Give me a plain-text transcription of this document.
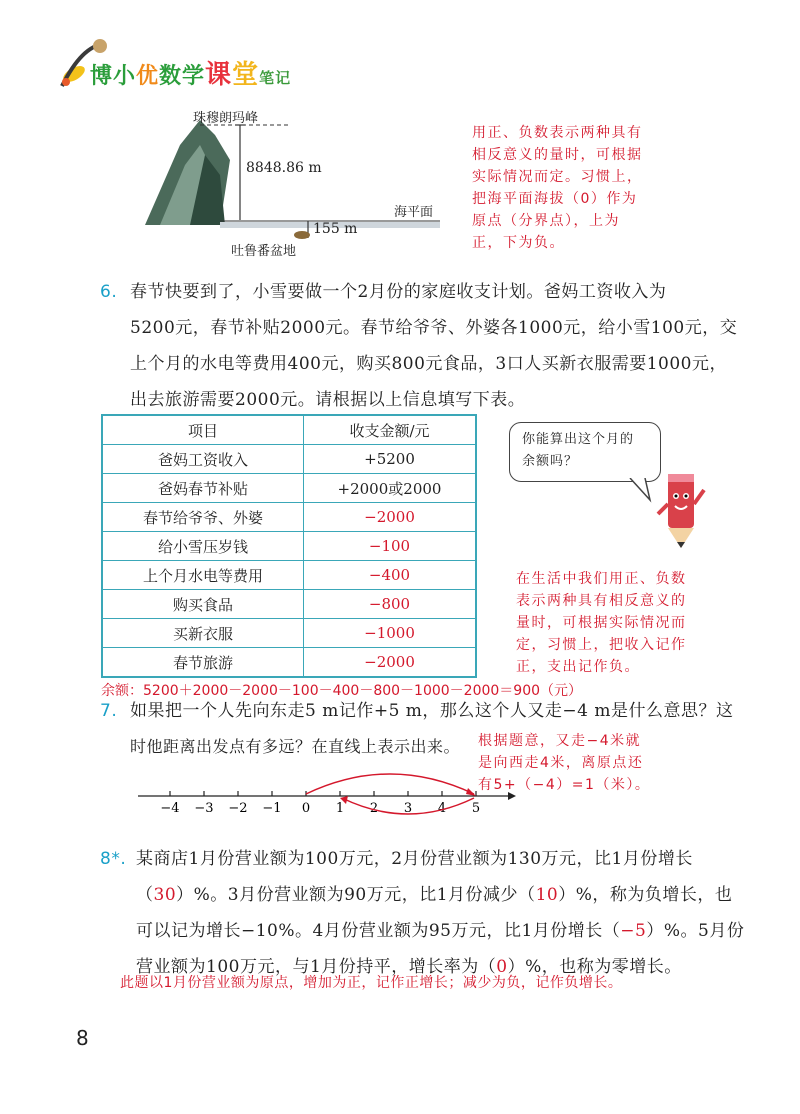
博小优数学课堂笔记
珠穆朗玛峰
8848.86 m
155 m
海平面
吐鲁番盆地
用正、负数表示两种具有
相反意义的量时，可根据
实际情况而定。习惯上，
把海平面海拔（0）作为
原点（分界点），上为
正，下为负。
6. 春节快要到了，小雪要做一个2月份的家庭收支计划。爸妈工资收入为
5200元，春节补贴2000元。春节给爷爷、外婆各1000元，给小雪100元，交
上个月的水电等费用400元，购买800元食品，3口人买新衣服需要1000元，
出去旅游需要2000元。请根据以上信息填写下表。
项目	收支金额/元
爸妈工资收入	+5200
爸妈春节补贴	+2000或2000
春节给爷爷、外婆	−2000
给小雪压岁钱	−100
上个月水电等费用	−400
购买食品	−800
买新衣服	−1000
春节旅游	−2000
你能算出这个月的
余额吗？
在生活中我们用正、负数
表示两种具有相反意义的
量时，可根据实际情况而
定，习惯上，把收入记作
正，支出记作负。
余额：5200＋2000－2000－100－400－800－1000－2000＝900（元）
7. 如果把一个人先向东走5 m记作+5 m，那么这个人又走−4 m是什么意思？这
时他距离出发点有多远？在直线上表示出来。	根据题意，又走−4米就
是向西走4米，离原点还
有5+（−4）=1（米）。
−4 −3 −2 −1 0 1 2 3 4 5
8*. 某商店1月份营业额为100万元，2月份营业额为130万元，比1月份增长
（30）%。3月份营业额为90万元，比1月份减少（10）%，称为负增长，也
可以记为增长−10%。4月份营业额为95万元，比1月份增长（−5）%。5月份
营业额为100万元，与1月份持平，增长率为（0）%，也称为零增长。
此题以1月份营业额为原点，增加为正，记作正增长；减少为负，记作负增长。
8
